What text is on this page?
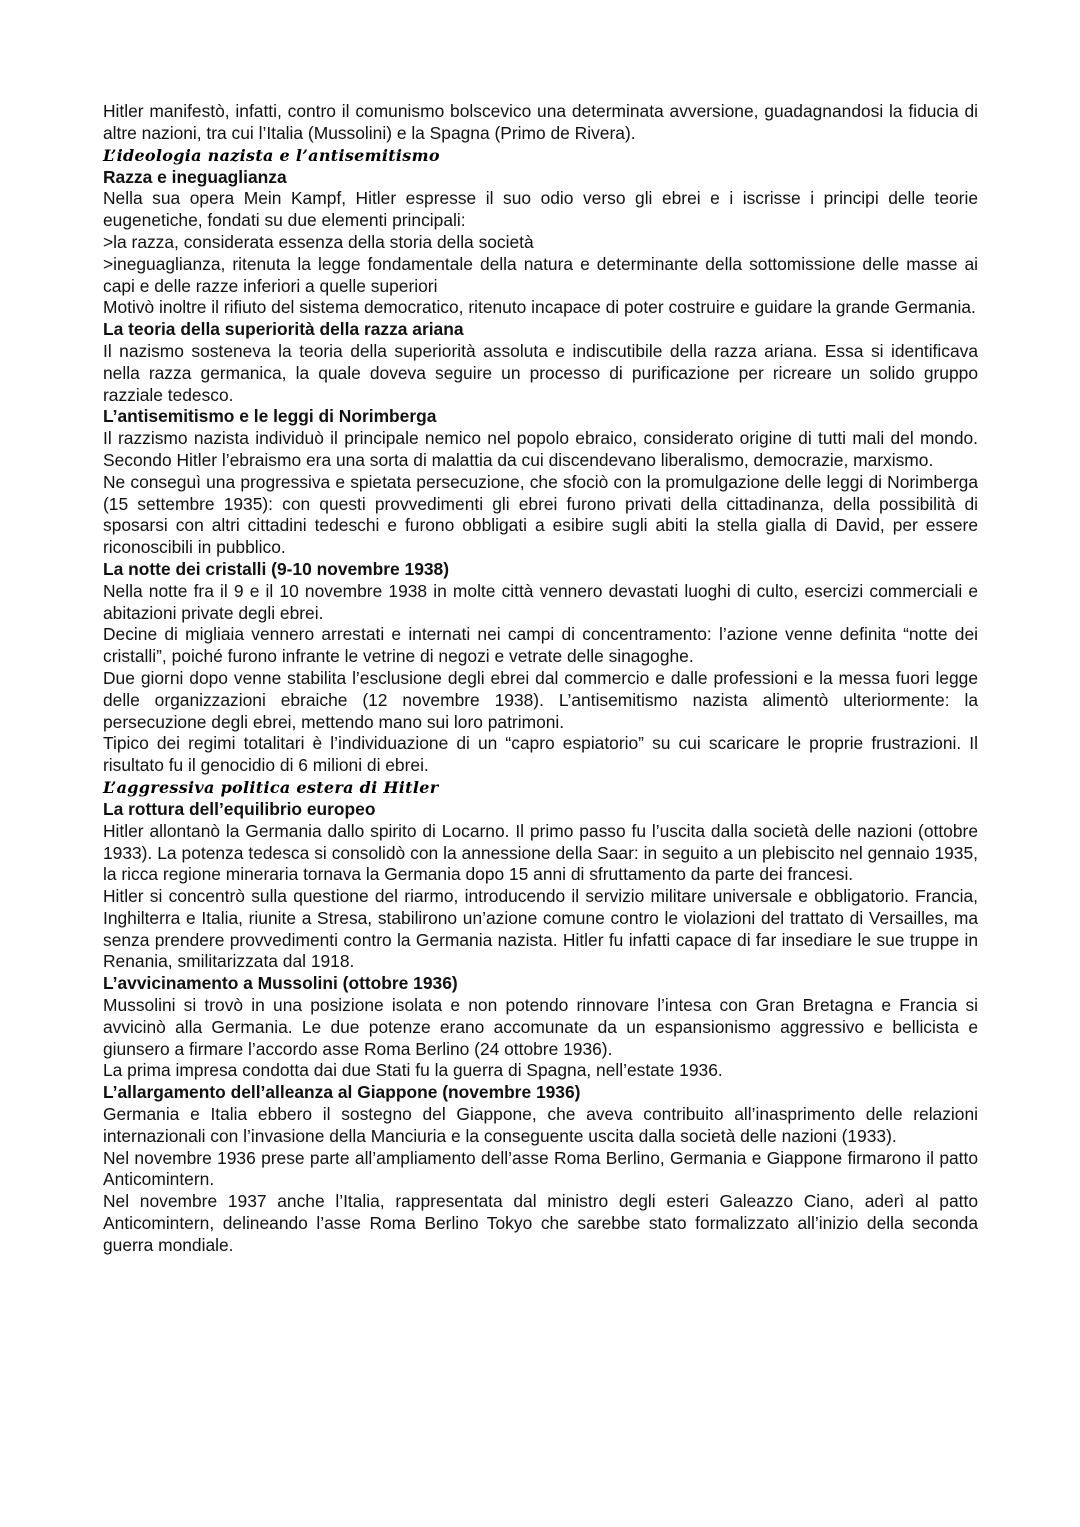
Hitler manifestò, infatti, contro il comunismo bolscevico una determinata avversione, guadagnandosi la fiducia di altre nazioni, tra cui l’Italia (Mussolini) e la Spagna (Primo de Rivera).

L’ideologia nazista e l’antisemitismo
Razza e ineguaglianza

Nella sua opera Mein Kampf, Hitler espresse il suo odio verso gli ebrei e i iscrisse i principi delle teorie eugenetiche, fondati su due elementi principali:

>la razza, considerata essenza della storia della società

>ineguaglianza, ritenuta la legge fondamentale della natura e determinante della sottomissione delle masse ai capi e delle razze inferiori a quelle superiori

Motivò inoltre il rifiuto del sistema democratico, ritenuto incapace di poter costruire e guidare la grande Germania.

La teoria della superiorità della razza ariana

Il nazismo sosteneva la teoria della superiorità assoluta e indiscutibile della razza ariana. Essa si identificava nella razza germanica, la quale doveva seguire un processo di purificazione per ricreare un solido gruppo razziale tedesco.

L’antisemitismo e le leggi di Norimberga

Il razzismo nazista individuò il principale nemico nel popolo ebraico, considerato origine di tutti mali del mondo. Secondo Hitler l’ebraismo era una sorta di malattia da cui discendevano liberalismo, democrazie, marxismo.

Ne conseguì una progressiva e spietata persecuzione, che sfociò con la promulgazione delle leggi di Norimberga (15 settembre 1935): con questi provvedimenti gli ebrei furono privati della cittadinanza, della possibilità di sposarsi con altri cittadini tedeschi e furono obbligati a esibire sugli abiti la stella gialla di David, per essere riconoscibili in pubblico.

La notte dei cristalli (9-10 novembre 1938)

Nella notte fra il 9 e il 10 novembre 1938 in molte città vennero devastati luoghi di culto, esercizi commerciali e abitazioni private degli ebrei.

Decine di migliaia vennero arrestati e internati nei campi di concentramento: l’azione venne definita “notte dei cristalli”, poiché furono infrante le vetrine di negozi e vetrate delle sinagoghe.

Due giorni dopo venne stabilita l’esclusione degli ebrei dal commercio e dalle professioni e la messa fuori legge delle organizzazioni ebraiche (12 novembre 1938). L’antisemitismo nazista alimentò ulteriormente: la persecuzione degli ebrei, mettendo mano sui loro patrimoni.

Tipico dei regimi totalitari è l’individuazione di un “capro espiatorio” su cui scaricare le proprie frustrazioni. Il risultato fu il genocidio di 6 milioni di ebrei.

L’aggressiva politica estera di Hitler
La rottura dell’equilibrio europeo

Hitler allontanò la Germania dallo spirito di Locarno. Il primo passo fu l’uscita dalla società delle nazioni (ottobre 1933). La potenza tedesca si consolidò con la annessione della Saar: in seguito a un plebiscito nel gennaio 1935, la ricca regione mineraria tornava la Germania dopo 15 anni di sfruttamento da parte dei francesi.

Hitler si concentrò sulla questione del riarmo, introducendo il servizio militare universale e obbligatorio. Francia, Inghilterra e Italia, riunite a Stresa, stabilirono un’azione comune contro le violazioni del trattato di Versailles, ma senza prendere provvedimenti contro la Germania nazista. Hitler fu infatti capace di far insediare le sue truppe in Renania, smilitarizzata dal 1918.

L’avvicinamento a Mussolini (ottobre 1936)

Mussolini si trovò in una posizione isolata e non potendo rinnovare l’intesa con Gran Bretagna e Francia si avvicinò alla Germania. Le due potenze erano accomunate da un espansionismo aggressivo e bellicista e giunsero a firmare l’accordo asse Roma Berlino (24 ottobre 1936).

La prima impresa condotta dai due Stati fu la guerra di Spagna, nell’estate 1936.

L’allargamento dell’alleanza al Giappone (novembre 1936)

Germania e Italia ebbero il sostegno del Giappone, che aveva contribuito all’inasprimento delle relazioni internazionali con l’invasione della Manciuria e la conseguente uscita dalla società delle nazioni (1933).

Nel novembre 1936 prese parte all’ampliamento dell’asse Roma Berlino, Germania e Giappone firmarono il patto Anticomintern.

Nel novembre 1937 anche l’Italia, rappresentata dal ministro degli esteri Galeazzo Ciano, aderì al patto Anticomintern, delineando l’asse Roma Berlino Tokyo che sarebbe stato formalizzato all’inizio della seconda guerra mondiale.
